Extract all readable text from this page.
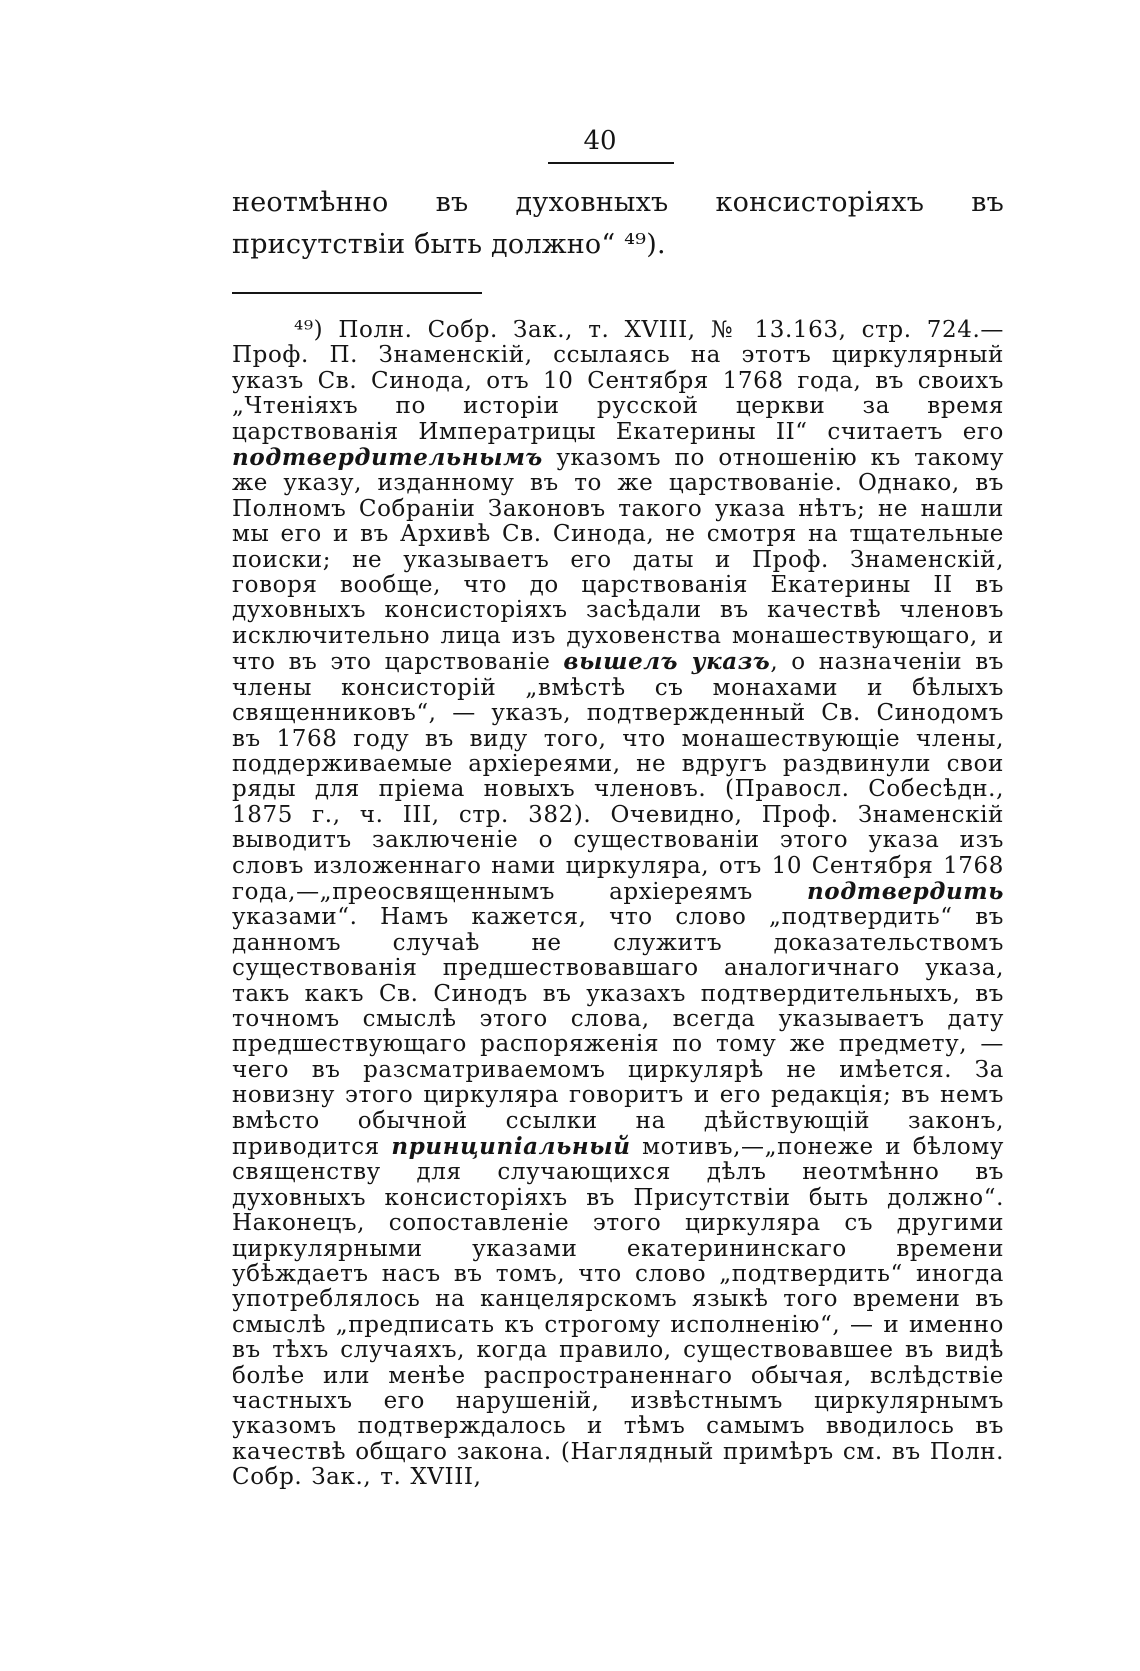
40
неотмѣнно въ духовныхъ консисторіяхъ въ присутствіи быть должно“ ⁴⁹).
⁴⁹) Полн. Собр. Зак., т. XVIII, № 13.163, стр. 724.—Проф. П. Знаменскій, ссылаясь на этотъ циркулярный указъ Св. Синода, отъ 10 Сентября 1768 года, въ своихъ „Чтеніяхъ по исторіи русской церкви за время царствованія Императрицы Екатерины II“ считаетъ его подтвердительнымъ указомъ по отношенію къ такому же указу, изданному въ то же царствованіе. Однако, въ Полномъ Собраніи Законовъ такого указа нѣтъ; не нашли мы его и въ Архивѣ Св. Синода, не смотря на тщательные поиски; не указываетъ его даты и Проф. Знаменскій, говоря вообще, что до царствованія Екатерины II въ духовныхъ консисторіяхъ засѣдали въ качествѣ членовъ исключительно лица изъ духовенства монашествующаго, и что въ это царствованіе вышелъ указъ, о назначеніи въ члены консисторій „вмѣстѣ съ монахами и бѣлыхъ священниковъ“, — указъ, подтвержденный Св. Синодомъ въ 1768 году въ виду того, что монашествующіе члены, поддерживаемые архіереями, не вдругъ раздвинули свои ряды для пріема новыхъ членовъ. (Правосл. Собесѣдн., 1875 г., ч. III, стр. 382). Очевидно, Проф. Знаменскій выводитъ заключеніе о существованіи этого указа изъ словъ изложеннаго нами циркуляра, отъ 10 Сентября 1768 года,—„преосвященнымъ архіереямъ подтвердить указами“. Намъ кажется, что слово „подтвердить“ въ данномъ случаѣ не служитъ доказательствомъ существованія предшествовавшаго аналогичнаго указа, такъ какъ Св. Синодъ въ указахъ подтвердительныхъ, въ точномъ смыслѣ этого слова, всегда указываетъ дату предшествующаго распоряженія по тому же предмету, — чего въ разсматриваемомъ циркулярѣ не имѣется. За новизну этого циркуляра говоритъ и его редакція; въ немъ вмѣсто обычной ссылки на дѣйствующій законъ, приводится принципіальный мотивъ,—„понеже и бѣлому священству для случающихся дѣлъ неотмѣнно въ духовныхъ консисторіяхъ въ Присутствіи быть должно“. Наконецъ, сопоставленіе этого циркуляра съ другими циркулярными указами екатерининскаго времени убѣждаетъ насъ въ томъ, что слово „подтвердить“ иногда употреблялось на канцелярскомъ языкѣ того времени въ смыслѣ „предписать къ строгому исполненію“, — и именно въ тѣхъ случаяхъ, когда правило, существовавшее въ видѣ болѣе или менѣе распространеннаго обычая, вслѣдствіе частныхъ его нарушеній, извѣстнымъ циркулярнымъ указомъ подтверждалось и тѣмъ самымъ вводилось въ качествѣ общаго закона. (Наглядный примѣръ см. въ Полн. Собр. Зак., т. XVIII,
